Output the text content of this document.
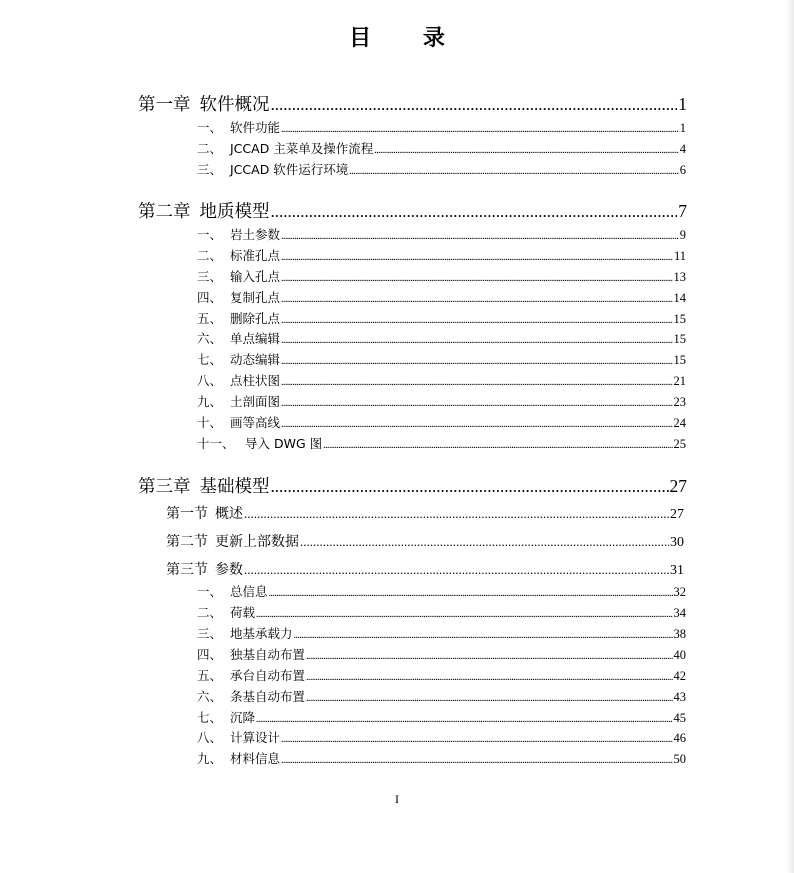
目 录
第一章 软件概况 .....	1
一、 软件功能 .....	1
二、 JCCAD 主菜单及操作流程 .....	4
三、 JCCAD 软件运行环境 .....	6
第二章 地质模型 .....	7
一、 岩土参数 .....	9
二、 标准孔点 .....	11
三、 输入孔点 .....	13
四、 复制孔点 .....	14
五、 删除孔点 .....	15
六、 单点编辑 .....	15
七、 动态编辑 .....	15
八、 点柱状图 .....	21
九、 土剖面图 .....	23
十、 画等高线 .....	24
十一、 导入 DWG 图 .....	25
第三章 基础模型 .....	27
第一节 概述 .....	27
第二节 更新上部数据 .....	30
第三节 参数 .....	31
一、 总信息 .....	32
二、 荷载 .....	34
三、 地基承载力 .....	38
四、 独基自动布置 .....	40
五、 承台自动布置 .....	42
六、 条基自动布置 .....	43
七、 沉降 .....	45
八、 计算设计 .....	46
九、 材料信息 .....	50
I
